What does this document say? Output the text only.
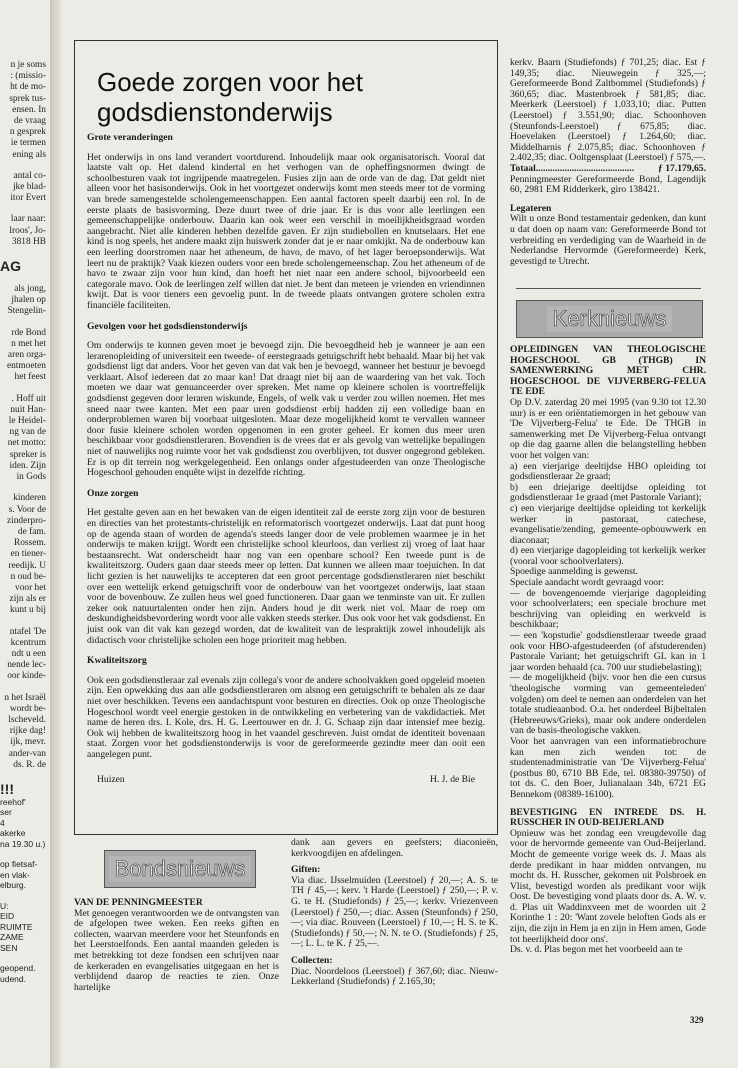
n je soms
: (missio-
ht de mo-
sprek tus-
ensen. In
de vraag
n gesprek
ie termen
ening als
antal co-
jke blad-
itor Evert
laar naar:
lroos', Jo-
3818 HB
AG
als jong,
jhalen op
Stengelin-
rde Bond
n met het
aren orga-
entmoeten
het feest
. Hoff uit
nuit Han-
le Heidel-
ng van de
net motto:
spreker is
iden. Zijn
in Gods
kinderen
s. Voor de
zinderpro-
de fam.
Rossem.
en tiener-
reedijk. U
n oud be-
voor het
zijn als er
kunt u bij
ntafel 'De
kcentrum
ndt u een
nende lec-
oor kinde-
n het Israël
wordt be-
lscheveld.
rijke dag!
ijk, mevr.
ander-van
ds. R. de
!!!
reehof'
ser
4
akerke
na 19.30 u.)
op fietsaf-
en vlak-
elburg.
U:
EID
RUIMTE
ZAME
SEN
geopend.
udend.
Goede zorgen voor het godsdienstonderwijs

Grote veranderingen

Het onderwijs in ons land verandert voortdurend. Inhoudelijk maar ook organisatorisch. Vooral dat laatste valt op. Het dalend kindertal en het verhogen van de opheffingsnormen dwingt de schoolbesturen vaak tot ingrijpende maatregelen. Fusies zijn aan de orde van de dag. Dat geldt niet alleen voor het basisonderwijs. Ook in het voortgezet onderwijs komt men steeds meer tot de vorming van brede samengestelde scholengemeenschappen. Een aantal factoren speelt daarbij een rol. In de eerste plaats de basisvorming. Deze duurt twee of drie jaar. Er is dus voor alle leerlingen een gemeenschappelijke onderbouw. Daarin kan ook weer een verschil in moeilijkheidsgraad worden aangebracht. Niet alle kinderen hebben dezelfde gaven. Er zijn studiebollen en knutselaars. Het ene kind is nog speels, het andere maakt zijn huiswerk zonder dat je er naar omkijkt. Na de onderbouw kan een leerling doorstromen naar het atheneum, de havo, de mavo, of het lager beroepsonderwijs. Wat leert nu de praktijk? Vaak kiezen ouders voor een brede scholengemeenschap. Zou het atheneum of de havo te zwaar zijn voor hun kind, dan hoeft het niet naar een andere school, bijvoorbeeld een categorale mavo. Ook de leerlingen zelf willen dat niet. Je bent dan meteen je vrienden en vriendinnen kwijt. Dat is voor tieners een gevoelig punt. In de tweede plaats ontvangen grotere scholen extra financiële faciliteiten.

Gevolgen voor het godsdienstonderwijs

Om onderwijs te kunnen geven moet je bevoegd zijn. Die bevoegdheid heb je wanneer je aan een lerarenopleiding of universiteit een tweede- of eerstegraads getuigschrift hebt behaald. Maar bij het vak godsdienst ligt dat anders. Voor het geven van dat vak ben je bevoegd, wanneer het bestuur je bevoegd verklaart. Alsof iedereen dat zo maar kan! Dat draagt niet bij aan de waardering van het vak. Toch moeten we daar wat genuanceerder over spreken. Met name op kleinere scholen is voortreffelijk godsdienst gegeven door leraren wiskunde, Engels, of welk vak u verder zou willen noemen. Het mes sneed naar twee kanten. Met een paar uren godsdienst erbij hadden zij een volledige baan en onderproblemen waren bij voorbaat uitgesloten. Maar deze mogelijkheid komt te vervallen wanneer door fusie kleinere scholen worden opgenomen in een groter geheel. Er komen dus meer uren beschikbaar voor godsdienstleraren. Bovendien is de vrees dat er als gevolg van wettelijke bepalingen niet of nauwelijks nog ruimte voor het vak godsdienst zou overblijven, tot dusver ongegrond gebleken. Er is op dit terrein nog werkgelegenheid. Een onlangs onder afgestudeerden van onze Theologische Hogeschool gehouden enquête wijst in dezelfde richting.

Onze zorgen

Het gestalte geven aan en het bewaken van de eigen identiteit zal de eerste zorg zijn voor de besturen en directies van het protestants-christelijk en reformatorisch voortgezet onderwijs. Laat dat punt hoog op de agenda staan of worden de agenda's steeds langer door de vele problemen waarmee je in het onderwijs te maken krijgt. Wordt een christelijke school kleurloos, dan verliest zij vroeg of laat haar bestaansrecht. Wat onderscheidt haar nog van een openbare school? Een tweede punt is de kwaliteitszorg. Ouders gaan daar steeds meer op letten. Dat kunnen we alleen maar toejuichen. In dat licht gezien is het nauwelijks te accepteren dat een groot percentage godsdienstleraren niet beschikt over een wettelijk erkend getuigschrift voor de onderbouw van het voortgezet onderwijs, laat staan voor de bovenbouw. Ze zullen heus wel goed functioneren. Daar gaan we tenminste van uit. Er zullen zeker ook natuurtalenten onder hen zijn. Anders houd je dit werk niet vol. Maar de roep om deskundigheidsbevordering wordt voor alle vakken steeds sterker. Dus ook voor het vak godsdienst. En juist ook van dit vak kan gezegd worden, dat de kwaliteit van de lespraktijk zowel inhoudelijk als didactisch voor christelijke scholen een hoge prioriteit mag hebben.

Kwaliteitszorg

Ook een godsdienstleraar zal evenals zijn collega's voor de andere schoolvakken goed opgeleid moeten zijn. Een opwekking dus aan alle godsdienstleraren om alsnog een getuigschrift te behalen als ze daar niet over beschikken. Tevens een aandachtspunt voor besturen en directies. Ook op onze Theologische Hogeschool wordt veel energie gestoken in de ontwikkeling en verbetering van de vakdidactiek. Met name de heren drs. I. Kole, drs. H. G. Leertouwer en dr. J. G. Schaap zijn daar intensief mee bezig. Ook wij hebben de kwaliteitszorg hoog in het vaandel geschreven. Juist omdat de identiteit bovenaan staat. Zorgen voor het godsdienstonderwijs is voor de gereformeerde gezindte meer dan ooit een aangelegen punt.

Huizen	H. J. de Bie
Bondsnieuws

VAN DE PENNINGMEESTER

Met genoegen verantwoorden we de ontvangsten van de afgelopen twee weken. Een reeks giften en collecten, waarvan meerdere voor het Steunfonds en het Leerstoelfonds. Een aantal maanden geleden is met betrekking tot deze fondsen een schrijven naar de kerkeraden en evangelisaties uitgegaan en het is verblijdend daarop de reacties te zien. Onze hartelijke

dank aan gevers en geefsters; diaconieën, kerkvoogdijen en afdelingen.

Giften:

Via diac. IJsselmuiden (Leerstoel) ƒ 20,—; A. S. te TH ƒ 45,—; kerv. 't Harde (Leerstoel) ƒ 250,—; P. v. G. te H. (Studiefonds) ƒ 25,—; kerkv. Vriezenveen (Leerstoel) ƒ 250,—; diac. Assen (Steunfonds) ƒ 250,—; via diac. Rouveen (Leerstoel) ƒ 10,—; H. S. te K. (Studiefonds) ƒ 50,—; N. N. te O. (Studiefonds) ƒ 25,—; L. L. te K. ƒ 25,—.

Collecten:

Diac. Noordeloos (Leerstoel) ƒ 367,60; diac. Nieuw-Lekkerland (Studiefonds) ƒ 2.165,30;

kerkv. Baarn (Studiefonds) ƒ 701,25; diac. Est ƒ 149,35; diac. Nieuwegein ƒ 325,—; Gereformeerde Bond Zaltbommel (Studiefonds) ƒ 360,65; diac. Mastenbroek ƒ 581,85; diac. Meerkerk (Leerstoel) ƒ 1.033,10; diac. Putten (Leerstoel) ƒ 3.551,90; diac. Schoonhoven (Steunfonds-Leerstoel) ƒ 675,85; diac. Hoevelaken (Leerstoel) ƒ 1.264,60; diac. Middelharnis ƒ 2.075,85; diac. Schoonhoven ƒ 2.402,35; diac. Ooltgensplaat (Leerstoel) ƒ 575,—.

Totaal......................................... ƒ 17.179,65.

Penningmeester Gereformeerde Bond, Lagendijk 60, 2981 EM Ridderkerk, giro 138421.

Legateren

Wilt u onze Bond testamentair gedenken, dan kunt u dat doen op naam van: Gereformeerde Bond tot verbreiding en verdediging van de Waarheid in de Nederlandse Hervormde (Gereformeerde) Kerk, gevestigd te Utrecht.

Kerknieuws

OPLEIDINGEN VAN THEOLOGISCHE HOGESCHOOL GB (THGB) IN SAMENWERKING MET CHR. HOGESCHOOL DE VIJVERBERG-FELUA TE EDE

Op D.V. zaterdag 20 mei 1995 (van 9.30 tot 12.30 uur) is er een oriëntatiemorgen in het gebouw van 'De Vijverberg-Felua' te Ede. De THGB in samenwerking met De Vijverberg-Felua ontvangt op die dag gaarne allen die belangstelling hebben voor het volgen van:

a) een vierjarige deeltijdse HBO opleiding tot godsdienstleraar 2e graad;

b) een driejarige deeltijdse opleiding tot godsdienstleraar 1e graad (met Pastorale Variant);

c) een vierjarige deeltijdse opleiding tot kerkelijk werker in pastoraat, catechese, evangelisatie/zending, gemeente-opbouwwerk en diaconaat;

d) een vierjarige dagopleiding tot kerkelijk werker (vooral voor schoolverlaters).

Spoedige aanmelding is gewenst.

Speciale aandacht wordt gevraagd voor:

— de bovengenoemde vierjarige dagopleiding voor schoolverlaters; een speciale brochure met beschrijving van opleiding en werkveld is beschikbaar;

— een 'kopstudie' godsdienstleraar tweede graad ook voor HBO-afgestudeerden (of afstuderenden) Pastorale Variant; het getuigschrift GL kan in 1 jaar worden behaald (ca. 700 uur studiebelasting);

— de mogelijkheid (bijv. voor hen die een cursus 'theologische vorming van gemeenteleden' volgden) om deel te nemen aan onderdelen van het totale studieaanbod. O.a. het onderdeel Bijbeltalen (Hebreeuws/Grieks), maar ook andere onderdelen van de basis-theologische vakken.

Voor het aanvragen van een informatiebrochure kan men zich wenden tot: de studentenadministratie van 'De Vijverberg-Felua' (postbus 80, 6710 BB Ede, tel. 08380-39750) of tot ds. C. den Boer, Julianalaan 34b, 6721 EG Bennekom (08389-16100).

BEVESTIGING EN INTREDE DS. H. RUSSCHER IN OUD-BEIJERLAND

Opnieuw was het zondag een vreugdevolle dag voor de hervormde gemeente van Oud-Beijerland. Mocht de gemeente vorige week ds. J. Maas als derde predikant in haar midden ontvangen, nu mocht ds. H. Russcher, gekomen uit Polsbroek en Vlist, bevestigd worden als predikant voor wijk Oost. De bevestiging vond plaats door ds. A. W. v. d. Plas uit Waddinxveen met de woorden uit 2 Korinthe 1 : 20: 'Want zovele beloften Gods als er zijn, die zijn in Hem ja en zijn in Hem amen, Gode tot heerlijkheid door ons'.

Ds. v. d. Plas begon met het voorbeeld aan te

329
